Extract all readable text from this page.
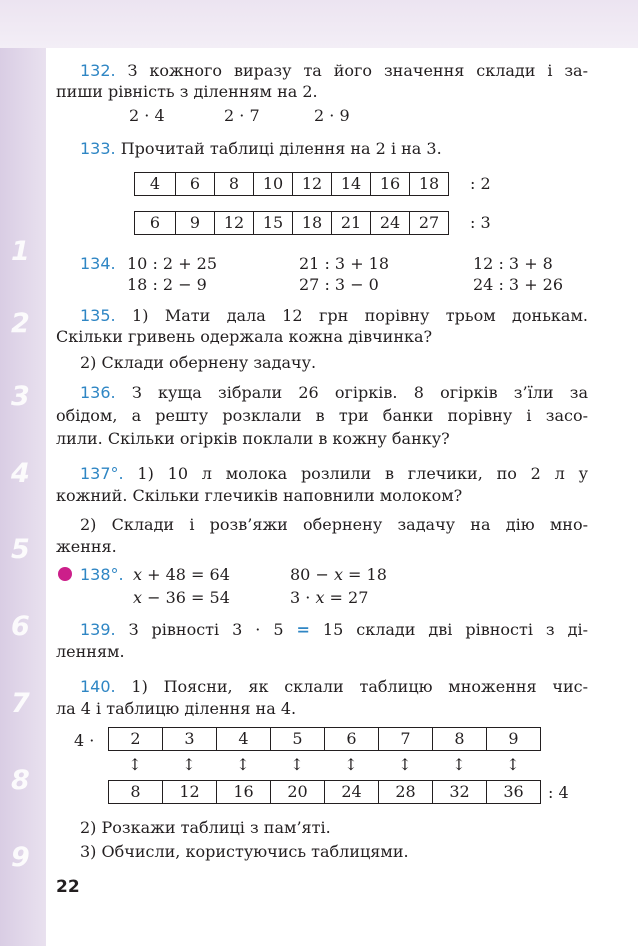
1
2
3
4
5
6
7
8
9
132. З кожного виразу та його значення склади і за-
пиши рівність з діленням на 2.
2 · 4	2 · 7	2 · 9
133. Прочитай таблиці ділення на 2 і на 3.
4	6	8	10	12	14	16	18	: 2
6	9	12	15	18	21	24	27	: 3
134. 10 : 2 + 25	21 : 3 + 18	12 : 3 + 8
18 : 2 − 9	27 : 3 − 0	24 : 3 + 26
135. 1) Мати дала 12 грн порівну трьом донькам.
Скільки гривень одержала кожна дівчинка?
2) Склади обернену задачу.
136. З куща зібрали 26 огірків. 8 огірків з’їли за
обідом, а решту розклали в три банки порівну і засо-
лили. Скільки огірків поклали в кожну банку?
137°. 1) 10 л молока розлили в глечики, по 2 л у
кожний. Скільки глечиків наповнили молоком?
2) Склади і розв’яжи обернену задачу на дію мно-
ження.
138°. x + 48 = 64	80 − x = 18
x − 36 = 54	3 · x = 27
139. З рівності 3 · 5 = 15 склади дві рівності з ді-
ленням.
140. 1) Поясни, як склали таблицю множення чис-
ла 4 і таблицю ділення на 4.
4 ·	2	3	4	5	6	7	8	9
↕	↕	↕	↕	↕	↕	↕	↕
8	12	16	20	24	28	32	36	: 4
2) Розкажи таблиці з пам’яті.
3) Обчисли, користуючись таблицями.
22
